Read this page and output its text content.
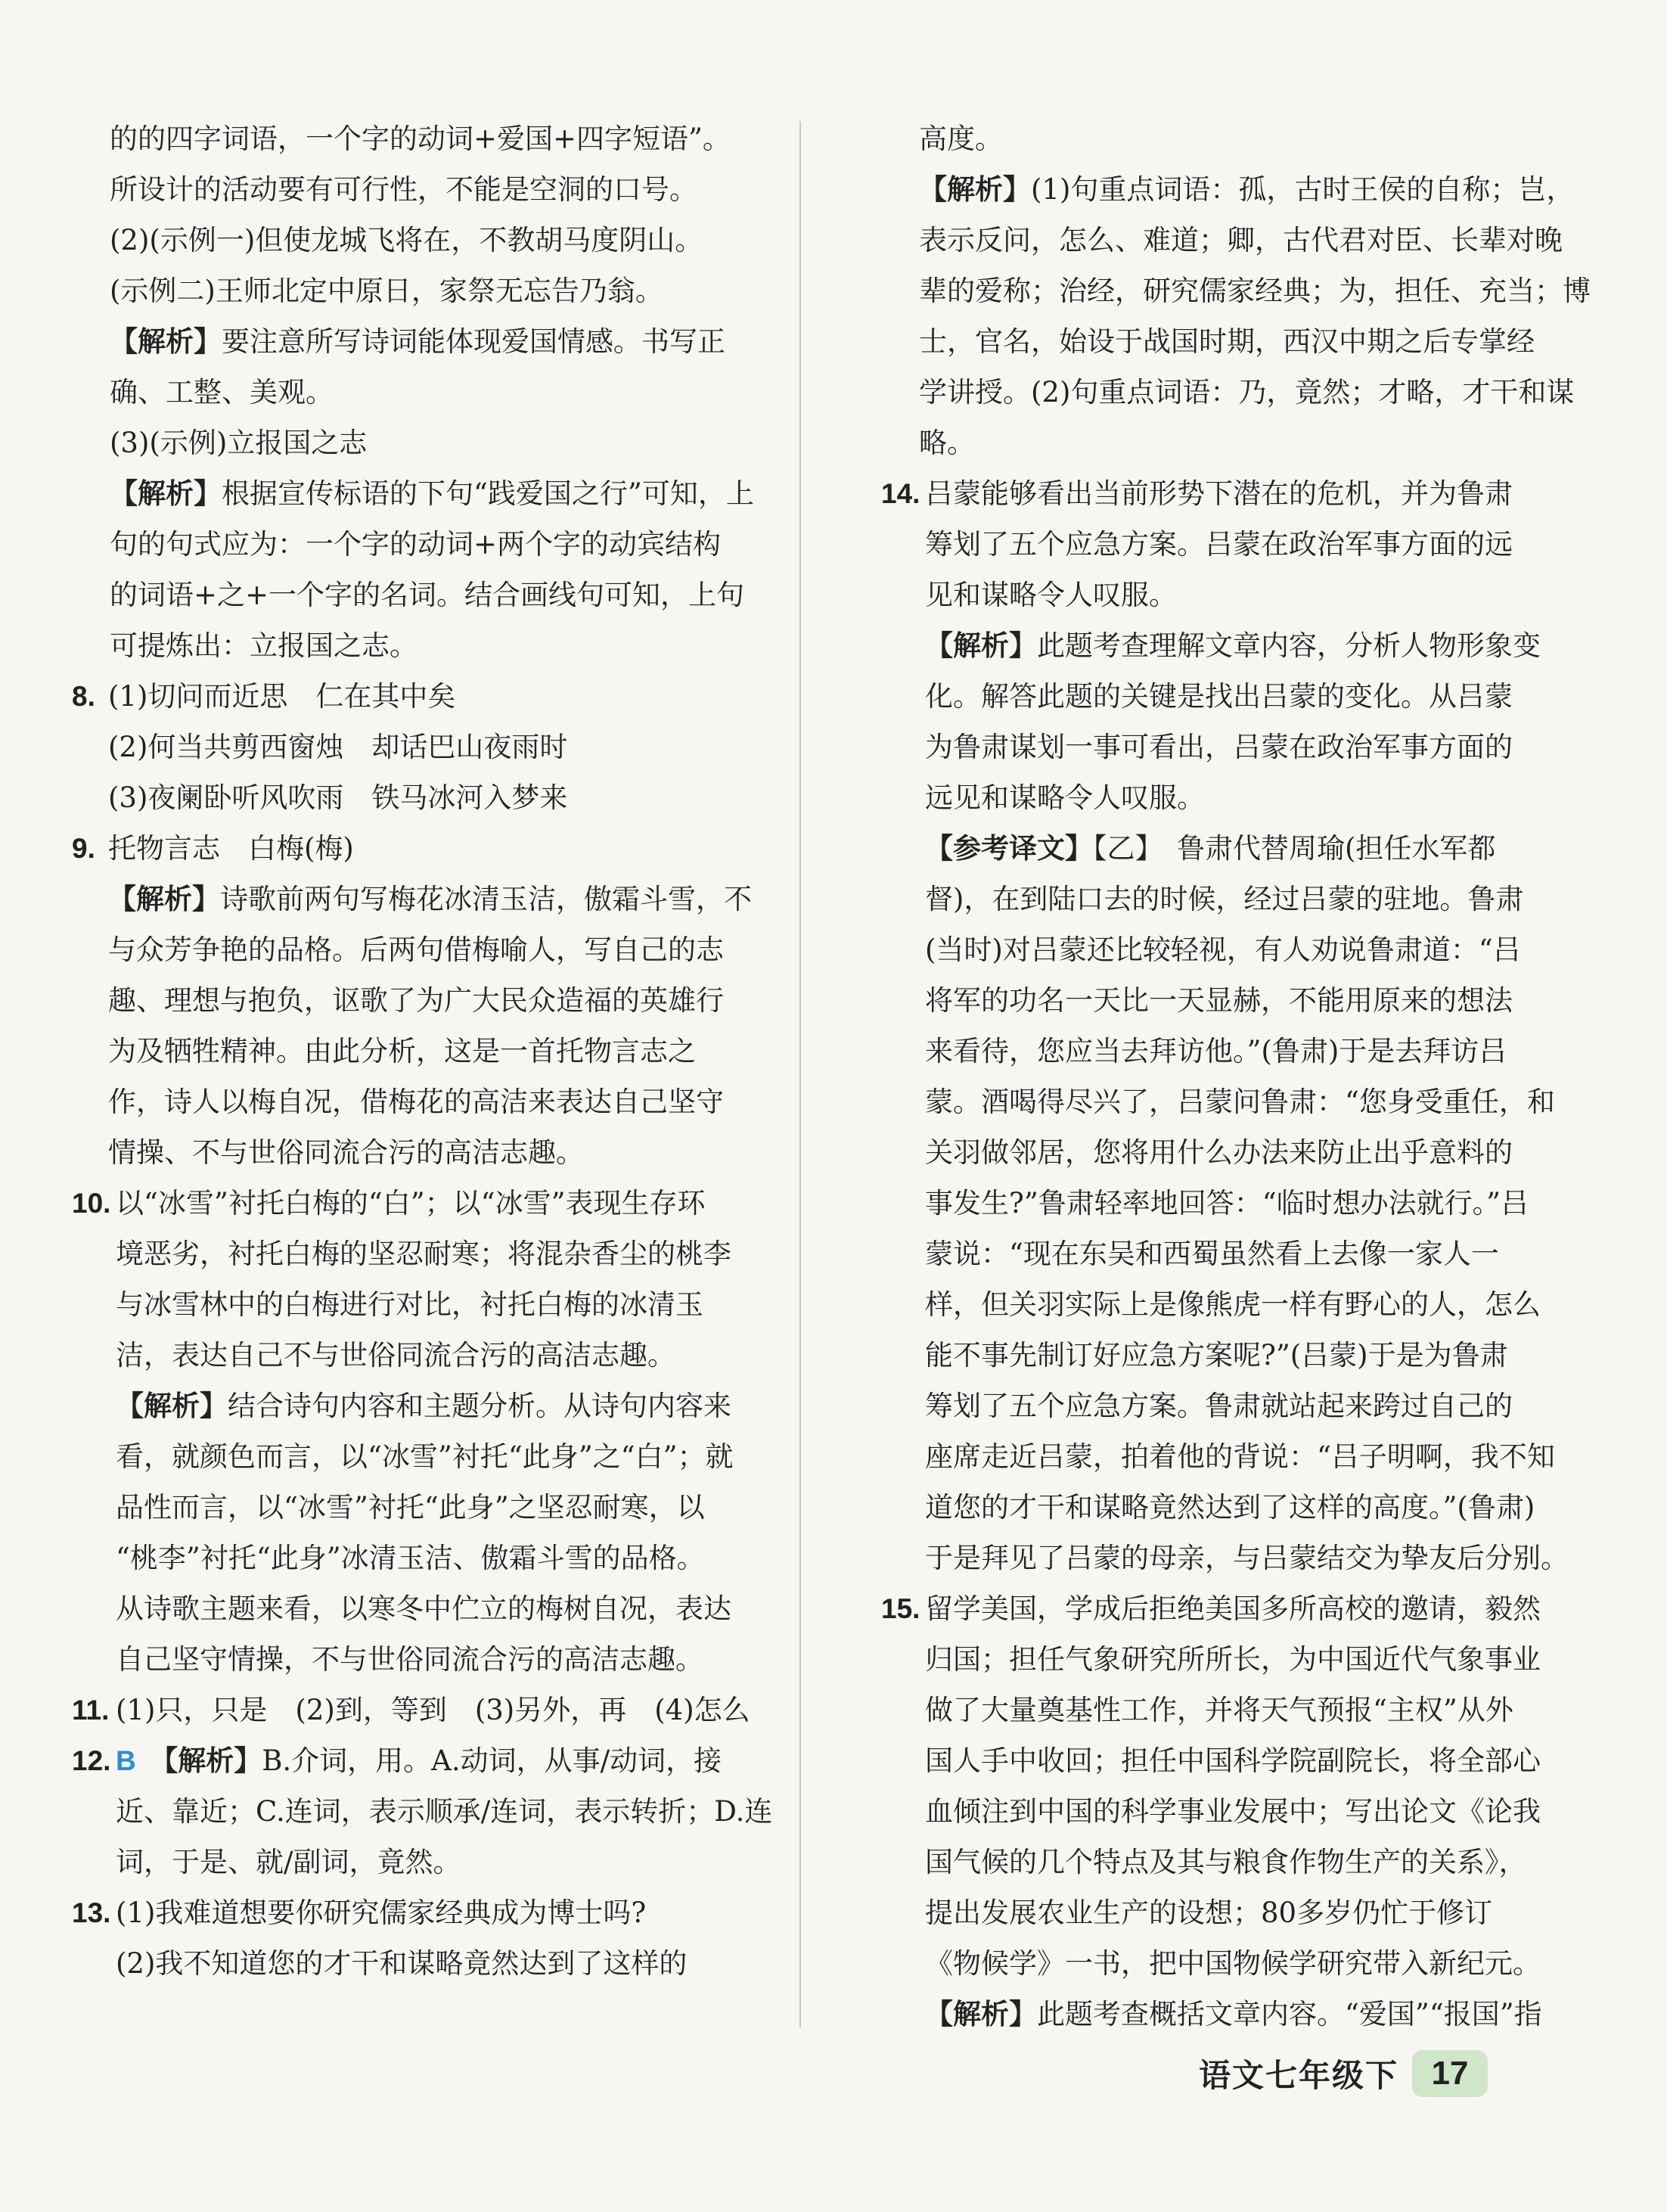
的的四字词语，一个字的动词+爱国+四字短语”。

所设计的活动要有可行性，不能是空洞的口号。

(2)(示例一)但使龙城飞将在，不教胡马度阴山。

(示例二)王师北定中原日，家祭无忘告乃翁。

【解析】要注意所写诗词能体现爱国情感。书写正

确、工整、美观。

(3)(示例)立报国之志

【解析】根据宣传标语的下句“践爱国之行”可知，上

句的句式应为：一个字的动词+两个字的动宾结构

的词语+之+一个字的名词。结合画线句可知，上句

可提炼出：立报国之志。

8. (1)切问而近思　仁在其中矣

(2)何当共剪西窗烛　却话巴山夜雨时

(3)夜阑卧听风吹雨　铁马冰河入梦来

9. 托物言志　白梅(梅)

【解析】诗歌前两句写梅花冰清玉洁，傲霜斗雪，不

与众芳争艳的品格。后两句借梅喻人，写自己的志

趣、理想与抱负，讴歌了为广大民众造福的英雄行

为及牺牲精神。由此分析，这是一首托物言志之

作，诗人以梅自况，借梅花的高洁来表达自己坚守

情操、不与世俗同流合污的高洁志趣。

10. 以“冰雪”衬托白梅的“白”；以“冰雪”表现生存环

境恶劣，衬托白梅的坚忍耐寒；将混杂香尘的桃李

与冰雪林中的白梅进行对比，衬托白梅的冰清玉

洁，表达自己不与世俗同流合污的高洁志趣。

【解析】结合诗句内容和主题分析。从诗句内容来

看，就颜色而言，以“冰雪”衬托“此身”之“白”；就

品性而言，以“冰雪”衬托“此身”之坚忍耐寒，以

“桃李”衬托“此身”冰清玉洁、傲霜斗雪的品格。

从诗歌主题来看，以寒冬中伫立的梅树自况，表达

自己坚守情操，不与世俗同流合污的高洁志趣。

11. (1)只，只是　(2)到，等到　(3)另外，再　(4)怎么

12. B　 【解析】B.介词，用。A.动词，从事/动词，接

近、靠近；C.连词，表示顺承/连词，表示转折；D.连

词，于是、就/副词，竟然。

13. (1)我难道想要你研究儒家经典成为博士吗?

(2)我不知道您的才干和谋略竟然达到了这样的

高度。

【解析】(1)句重点词语：孤，古时王侯的自称；岂，

表示反问，怎么、难道；卿，古代君对臣、长辈对晚

辈的爱称；治经，研究儒家经典；为，担任、充当；博

士，官名，始设于战国时期，西汉中期之后专掌经

学讲授。(2)句重点词语：乃，竟然；才略，才干和谋略。

14. 吕蒙能够看出当前形势下潜在的危机，并为鲁肃

筹划了五个应急方案。吕蒙在政治军事方面的远

见和谋略令人叹服。

【解析】此题考查理解文章内容，分析人物形象变

化。解答此题的关键是找出吕蒙的变化。从吕蒙

为鲁肃谋划一事可看出，吕蒙在政治军事方面的

远见和谋略令人叹服。

【参考译文】【乙】　鲁肃代替周瑜(担任水军都

督)，在到陆口去的时候，经过吕蒙的驻地。鲁肃

(当时)对吕蒙还比较轻视，有人劝说鲁肃道：“吕

将军的功名一天比一天显赫，不能用原来的想法

来看待，您应当去拜访他。”(鲁肃)于是去拜访吕

蒙。酒喝得尽兴了，吕蒙问鲁肃：“您身受重任，和

关羽做邻居，您将用什么办法来防止出乎意料的

事发生?”鲁肃轻率地回答：“临时想办法就行。”吕

蒙说：“现在东吴和西蜀虽然看上去像一家人一

样，但关羽实际上是像熊虎一样有野心的人，怎么

能不事先制订好应急方案呢?”(吕蒙)于是为鲁肃

筹划了五个应急方案。鲁肃就站起来跨过自己的

座席走近吕蒙，拍着他的背说：“吕子明啊，我不知

道您的才干和谋略竟然达到了这样的高度。”(鲁肃)

于是拜见了吕蒙的母亲，与吕蒙结交为挚友后分别。

15. 留学美国，学成后拒绝美国多所高校的邀请，毅然

归国；担任气象研究所所长，为中国近代气象事业

做了大量奠基性工作，并将天气预报“主权”从外

国人手中收回；担任中国科学院副院长，将全部心

血倾注到中国的科学事业发展中；写出论文《论我

国气候的几个特点及其与粮食作物生产的关系》，

提出发展农业生产的设想；80多岁仍忙于修订

《物候学》一书，把中国物候学研究带入新纪元。

【解析】此题考查概括文章内容。“爱国”“报国”指

语文七年级下 17
